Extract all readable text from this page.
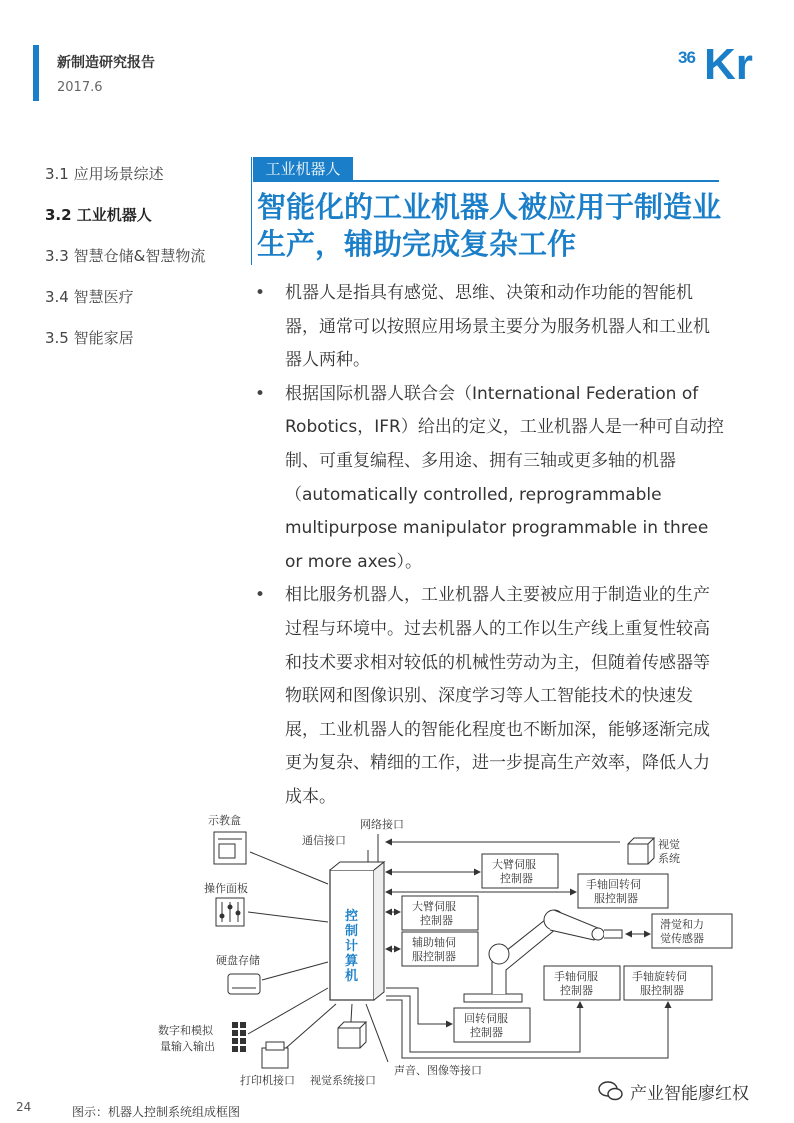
新制造研究报告
2017.6
36 Kr
3.1 应用场景综述
3.2 工业机器人
3.3 智慧仓储&智慧物流
3.4 智慧医疗
3.5 智能家居
工业机器人
智能化的工业机器人被应用于制造业生产，辅助完成复杂工作
• 机器人是指具有感觉、思维、决策和动作功能的智能机器，通常可以按照应用场景主要分为服务机器人和工业机器人两种。
• 根据国际机器人联合会（International Federation of Robotics，IFR）给出的定义，工业机器人是一种可自动控制、可重复编程、多用途、拥有三轴或更多轴的机器（automatically controlled, reprogrammable multipurpose manipulator programmable in three or more axes）。
• 相比服务机器人，工业机器人主要被应用于制造业的生产过程与环境中。过去机器人的工作以生产线上重复性较高和技术要求相对较低的机械性劳动为主，但随着传感器等物联网和图像识别、深度学习等人工智能技术的快速发展，工业机器人的智能化程度也不断加深，能够逐渐完成更为复杂、精细的工作，进一步提高生产效率，降低人力成本。
示教盒
操作面板
硬盘存储
数字和模拟
量输入输出
通信接口
网络接口
控
制
计
算
机
打印机接口 视觉系统接口
声音、图像等接口
大臂伺服
控制器
大臂伺服
控制器
辅助轴伺
服控制器
手轴回转伺
服控制器
视觉
系统
滑觉和力
觉传感器
手轴伺服
控制器
手轴旋转伺
服控制器
回转伺服
控制器
24	图示：机器人控制系统组成框图
产业智能廖红权
